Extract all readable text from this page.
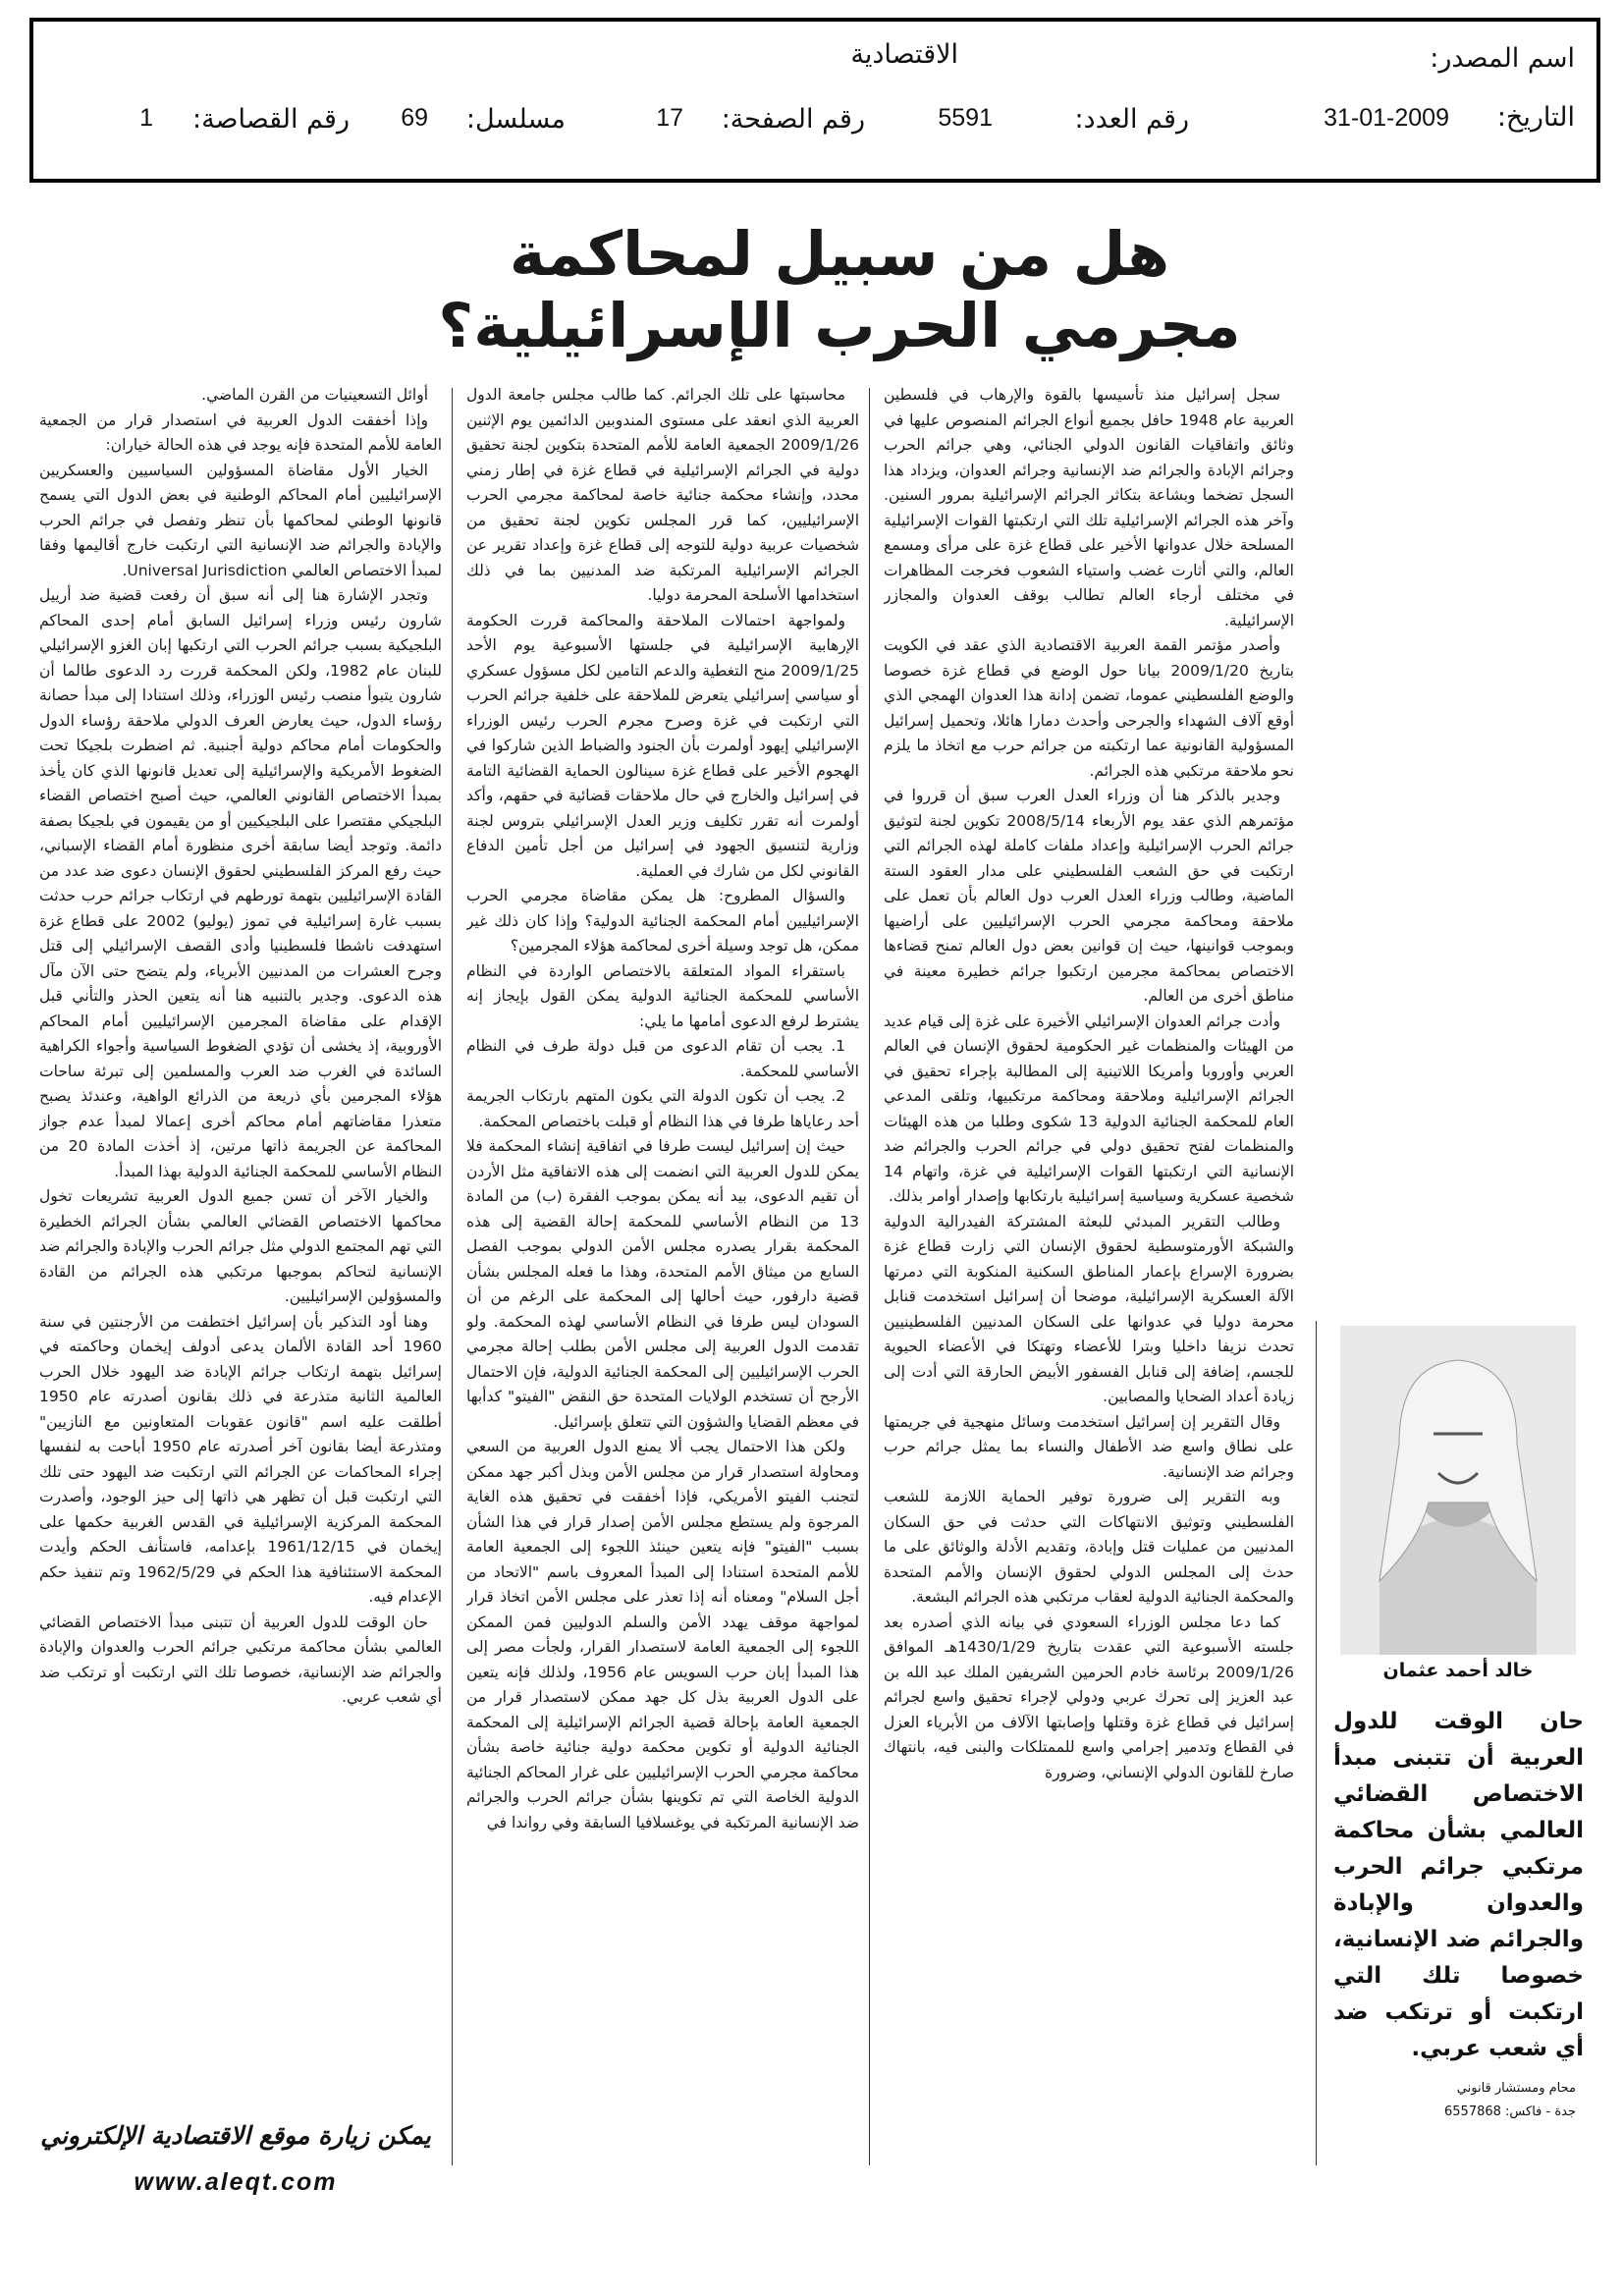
اسم المصدر:
الاقتصادية
التاريخ:
31-01-2009
رقم العدد:
5591
رقم الصفحة:
17
مسلسل:
69
رقم القصاصة:
1
هل من سبيل لمحاكمة مجرمي الحرب الإسرائيلية؟

سجل إسرائيل منذ تأسيسها بالقوة والإرهاب في فلسطين العربية عام 1948 حافل بجميع أنواع الجرائم المنصوص عليها في وثائق واتفاقيات القانون الدولي الجنائي، وهي جرائم الحرب وجرائم الإبادة والجرائم ضد الإنسانية وجرائم العدوان، ويزداد هذا السجل تضخما وبشاعة بتكاثر الجرائم الإسرائيلية بمرور السنين. وآخر هذه الجرائم الإسرائيلية تلك التي ارتكبتها القوات الإسرائيلية المسلحة خلال عدوانها الأخير على قطاع غزة على مرأى ومسمع العالم، والتي أثارت غضب واستياء الشعوب فخرجت المظاهرات في مختلف أرجاء العالم تطالب بوقف العدوان والمجازر الإسرائيلية.

وأصدر مؤتمر القمة العربية الاقتصادية الذي عقد في الكويت بتاريخ 2009/1/20 بيانا حول الوضع في قطاع غزة خصوصا والوضع الفلسطيني عموما، تضمن إدانة هذا العدوان الهمجي الذي أوقع آلاف الشهداء والجرحى وأحدث دمارا هائلا، وتحميل إسرائيل المسؤولية القانونية عما ارتكبته من جرائم حرب مع اتخاذ ما يلزم نحو ملاحقة مرتكبي هذه الجرائم.

وجدير بالذكر هنا أن وزراء العدل العرب سبق أن قرروا في مؤتمرهم الذي عقد يوم الأربعاء 2008/5/14 تكوين لجنة لتوثيق جرائم الحرب الإسرائيلية وإعداد ملفات كاملة لهذه الجرائم التي ارتكبت في حق الشعب الفلسطيني على مدار العقود الستة الماضية، وطالب وزراء العدل العرب دول العالم بأن تعمل على ملاحقة ومحاكمة مجرمي الحرب الإسرائيليين على أراضيها وبموجب قوانينها، حيث إن قوانين بعض دول العالم تمنح قضاءها الاختصاص بمحاكمة مجرمين ارتكبوا جرائم خطيرة معينة في مناطق أخرى من العالم.

وأدت جرائم العدوان الإسرائيلي الأخيرة على غزة إلى قيام عديد من الهيئات والمنظمات غير الحكومية لحقوق الإنسان في العالم العربي وأوروبا وأمريكا اللاتينية إلى المطالبة بإجراء تحقيق في الجرائم الإسرائيلية وملاحقة ومحاكمة مرتكبيها، وتلقى المدعي العام للمحكمة الجنائية الدولية 13 شكوى وطلبا من هذه الهيئات والمنظمات لفتح تحقيق دولي في جرائم الحرب والجرائم ضد الإنسانية التي ارتكبتها القوات الإسرائيلية في غزة، واتهام 14 شخصية عسكرية وسياسية إسرائيلية بارتكابها وإصدار أوامر بذلك.

وطالب التقرير المبدئي للبعثة المشتركة الفيدرالية الدولية والشبكة الأورمتوسطية لحقوق الإنسان التي زارت قطاع غزة بضرورة الإسراع بإعمار المناطق السكنية المنكوبة التي دمرتها الآلة العسكرية الإسرائيلية، موضحا أن إسرائيل استخدمت قنابل محرمة دوليا في عدوانها على السكان المدنيين الفلسطينيين تحدث نزيفا داخليا وبترا للأعضاء وتهتكا في الأعضاء الحيوية للجسم، إضافة إلى قنابل الفسفور الأبيض الحارقة التي أدت إلى زيادة أعداد الضحايا والمصابين.

وقال التقرير إن إسرائيل استخدمت وسائل منهجية في جريمتها على نطاق واسع ضد الأطفال والنساء بما يمثل جرائم حرب وجرائم ضد الإنسانية.

وبه التقرير إلى ضرورة توفير الحماية اللازمة للشعب الفلسطيني وتوثيق الانتهاكات التي حدثت في حق السكان المدنيين من عمليات قتل وإبادة، وتقديم الأدلة والوثائق على ما حدث إلى المجلس الدولي لحقوق الإنسان والأمم المتحدة والمحكمة الجنائية الدولية لعقاب مرتكبي هذه الجرائم البشعة.

كما دعا مجلس الوزراء السعودي في بيانه الذي أصدره بعد جلسته الأسبوعية التي عقدت بتاريخ 1430/1/29هـ الموافق 2009/1/26 برئاسة خادم الحرمين الشريفين الملك عبد الله بن عبد العزيز إلى تحرك عربي ودولي لإجراء تحقيق واسع لجرائم إسرائيل في قطاع غزة وقتلها وإصابتها الآلاف من الأبرياء العزل في القطاع وتدمير إجرامي واسع للممتلكات والبنى فيه، بانتهاك صارخ للقانون الدولي الإنساني، وضرورة

محاسبتها على تلك الجرائم. كما طالب مجلس جامعة الدول العربية الذي انعقد على مستوى المندوبين الدائمين يوم الإثنين 2009/1/26 الجمعية العامة للأمم المتحدة بتكوين لجنة تحقيق دولية في الجرائم الإسرائيلية في قطاع غزة في إطار زمني محدد، وإنشاء محكمة جنائية خاصة لمحاكمة مجرمي الحرب الإسرائيليين، كما قرر المجلس تكوين لجنة تحقيق من شخصيات عربية دولية للتوجه إلى قطاع غزة وإعداد تقرير عن الجرائم الإسرائيلية المرتكبة ضد المدنيين بما في ذلك استخدامها الأسلحة المحرمة دوليا.

ولمواجهة احتمالات الملاحقة والمحاكمة قررت الحكومة الإرهابية الإسرائيلية في جلستها الأسبوعية يوم الأحد 2009/1/25 منح التغطية والدعم التامين لكل مسؤول عسكري أو سياسي إسرائيلي يتعرض للملاحقة على خلفية جرائم الحرب التي ارتكبت في غزة وصرح مجرم الحرب رئيس الوزراء الإسرائيلي إيهود أولمرت بأن الجنود والضباط الذين شاركوا في الهجوم الأخير على قطاع غزة سينالون الحماية القضائية التامة في إسرائيل والخارج في حال ملاحقات قضائية في حقهم، وأكد أولمرت أنه تقرر تكليف وزير العدل الإسرائيلي بتروس لجنة وزارية لتنسيق الجهود في إسرائيل من أجل تأمين الدفاع القانوني لكل من شارك في العملية.

والسؤال المطروح: هل يمكن مقاضاة مجرمي الحرب الإسرائيليين أمام المحكمة الجنائية الدولية؟ وإذا كان ذلك غير ممكن، هل توجد وسيلة أخرى لمحاكمة هؤلاء المجرمين؟

باستقراء المواد المتعلقة بالاختصاص الواردة في النظام الأساسي للمحكمة الجنائية الدولية يمكن القول بإيجاز إنه يشترط لرفع الدعوى أمامها ما يلي:

1. يجب أن تقام الدعوى من قبل دولة طرف في النظام الأساسي للمحكمة.

2. يجب أن تكون الدولة التي يكون المتهم بارتكاب الجريمة أحد رعاياها طرفا في هذا النظام أو قبلت باختصاص المحكمة.

حيث إن إسرائيل ليست طرفا في اتفاقية إنشاء المحكمة فلا يمكن للدول العربية التي انضمت إلى هذه الاتفاقية مثل الأردن أن تقيم الدعوى، بيد أنه يمكن بموجب الفقرة (ب) من المادة 13 من النظام الأساسي للمحكمة إحالة القضية إلى هذه المحكمة بقرار يصدره مجلس الأمن الدولي بموجب الفصل السابع من ميثاق الأمم المتحدة، وهذا ما فعله المجلس بشأن قضية دارفور، حيث أحالها إلى المحكمة على الرغم من أن السودان ليس طرفا في النظام الأساسي لهذه المحكمة. ولو تقدمت الدول العربية إلى مجلس الأمن بطلب إحالة مجرمي الحرب الإسرائيليين إلى المحكمة الجنائية الدولية، فإن الاحتمال الأرجح أن تستخدم الولايات المتحدة حق النقض "الفيتو" كدأبها في معظم القضايا والشؤون التي تتعلق بإسرائيل.

ولكن هذا الاحتمال يجب ألا يمنع الدول العربية من السعي ومحاولة استصدار قرار من مجلس الأمن وبذل أكبر جهد ممكن لتجنب الفيتو الأمريكي، فإذا أخفقت في تحقيق هذه الغاية المرجوة ولم يستطع مجلس الأمن إصدار قرار في هذا الشأن بسبب "الفيتو" فإنه يتعين حينئذ اللجوء إلى الجمعية العامة للأمم المتحدة استنادا إلى المبدأ المعروف باسم "الاتحاد من أجل السلام" ومعناه أنه إذا تعذر على مجلس الأمن اتخاذ قرار لمواجهة موقف يهدد الأمن والسلم الدوليين فمن الممكن اللجوء إلى الجمعية العامة لاستصدار القرار، ولجأت مصر إلى هذا المبدأ إبان حرب السويس عام 1956، ولذلك فإنه يتعين على الدول العربية بذل كل جهد ممكن لاستصدار قرار من الجمعية العامة بإحالة قضية الجرائم الإسرائيلية إلى المحكمة الجنائية الدولية أو تكوين محكمة دولية جنائية خاصة بشأن محاكمة مجرمي الحرب الإسرائيليين على غرار المحاكم الجنائية الدولية الخاصة التي تم تكوينها بشأن جرائم الحرب والجرائم ضد الإنسانية المرتكبة في يوغسلافيا السابقة وفي رواندا في

أوائل التسعينيات من القرن الماضي.

وإذا أخفقت الدول العربية في استصدار قرار من الجمعية العامة للأمم المتحدة فإنه يوجد في هذه الحالة خياران:

الخيار الأول مقاضاة المسؤولين السياسيين والعسكريين الإسرائيليين أمام المحاكم الوطنية في بعض الدول التي يسمح قانونها الوطني لمحاكمها بأن تنظر وتفصل في جرائم الحرب والإبادة والجرائم ضد الإنسانية التي ارتكبت خارج أقاليمها وفقا لمبدأ الاختصاص العالمي Universal Jurisdiction.

وتجدر الإشارة هنا إلى أنه سبق أن رفعت قضية ضد أرييل شارون رئيس وزراء إسرائيل السابق أمام إحدى المحاكم البلجيكية بسبب جرائم الحرب التي ارتكبها إبان الغزو الإسرائيلي للبنان عام 1982، ولكن المحكمة قررت رد الدعوى طالما أن شارون يتبوأ منصب رئيس الوزراء، وذلك استنادا إلى مبدأ حصانة رؤساء الدول، حيث يعارض العرف الدولي ملاحقة رؤساء الدول والحكومات أمام محاكم دولية أجنبية. ثم اضطرت بلجيكا تحت الضغوط الأمريكية والإسرائيلية إلى تعديل قانونها الذي كان يأخذ بمبدأ الاختصاص القانوني العالمي، حيث أصبح اختصاص القضاء البلجيكي مقتصرا على البلجيكيين أو من يقيمون في بلجيكا بصفة دائمة. وتوجد أيضا سابقة أخرى منظورة أمام القضاء الإسباني، حيث رفع المركز الفلسطيني لحقوق الإنسان دعوى ضد عدد من القادة الإسرائيليين بتهمة تورطهم في ارتكاب جرائم حرب حدثت بسبب غارة إسرائيلية في تموز (يوليو) 2002 على قطاع غزة استهدفت ناشطا فلسطينيا وأدى القصف الإسرائيلي إلى قتل وجرح العشرات من المدنيين الأبرياء، ولم يتضح حتى الآن مآل هذه الدعوى. وجدير بالتنبيه هنا أنه يتعين الحذر والتأني قبل الإقدام على مقاضاة المجرمين الإسرائيليين أمام المحاكم الأوروبية، إذ يخشى أن تؤدي الضغوط السياسية وأجواء الكراهية السائدة في الغرب ضد العرب والمسلمين إلى تبرئة ساحات هؤلاء المجرمين بأي ذريعة من الذرائع الواهية، وعندئذ يصبح متعذرا مقاضاتهم أمام محاكم أخرى إعمالا لمبدأ عدم جواز المحاكمة عن الجريمة ذاتها مرتين، إذ أخذت المادة 20 من النظام الأساسي للمحكمة الجنائية الدولية بهذا المبدأ.

والخيار الآخر أن تسن جميع الدول العربية تشريعات تخول محاكمها الاختصاص القضائي العالمي بشأن الجرائم الخطيرة التي تهم المجتمع الدولي مثل جرائم الحرب والإبادة والجرائم ضد الإنسانية لتحاكم بموجبها مرتكبي هذه الجرائم من القادة والمسؤولين الإسرائيليين.

وهنا أود التذكير بأن إسرائيل اختطفت من الأرجنتين في سنة 1960 أحد القادة الألمان يدعى أدولف إيخمان وحاكمته في إسرائيل بتهمة ارتكاب جرائم الإبادة ضد اليهود خلال الحرب العالمية الثانية متذرعة في ذلك بقانون أصدرته عام 1950 أطلقت عليه اسم "قانون عقوبات المتعاونين مع النازيين" ومتذرعة أيضا بقانون آخر أصدرته عام 1950 أباحت به لنفسها إجراء المحاكمات عن الجرائم التي ارتكبت ضد اليهود حتى تلك التي ارتكبت قبل أن تظهر هي ذاتها إلى حيز الوجود، وأصدرت المحكمة المركزية الإسرائيلية في القدس الغربية حكمها على إيخمان في 1961/12/15 بإعدامه، فاستأنف الحكم وأيدت المحكمة الاستئنافية هذا الحكم في 1962/5/29 وتم تنفيذ حكم الإعدام فيه.

حان الوقت للدول العربية أن تتبنى مبدأ الاختصاص القضائي العالمي بشأن محاكمة مرتكبي جرائم الحرب والعدوان والإبادة والجرائم ضد الإنسانية، خصوصا تلك التي ارتكبت أو ترتكب ضد أي شعب عربي.

خالد أحمد عثمان
حان الوقت للدول العربية أن تتبنى مبدأ الاختصاص القضائي العالمي بشأن محاكمة مرتكبي جرائم الحرب والعدوان والإبادة والجرائم ضد الإنسانية، خصوصا تلك التي ارتكبت أو ترتكب ضد أي شعب عربي.
محام ومستشار قانوني
جدة - فاكس: 6557868
يمكن زيارة موقع الاقتصادية الإلكتروني
www.aleqt.com
